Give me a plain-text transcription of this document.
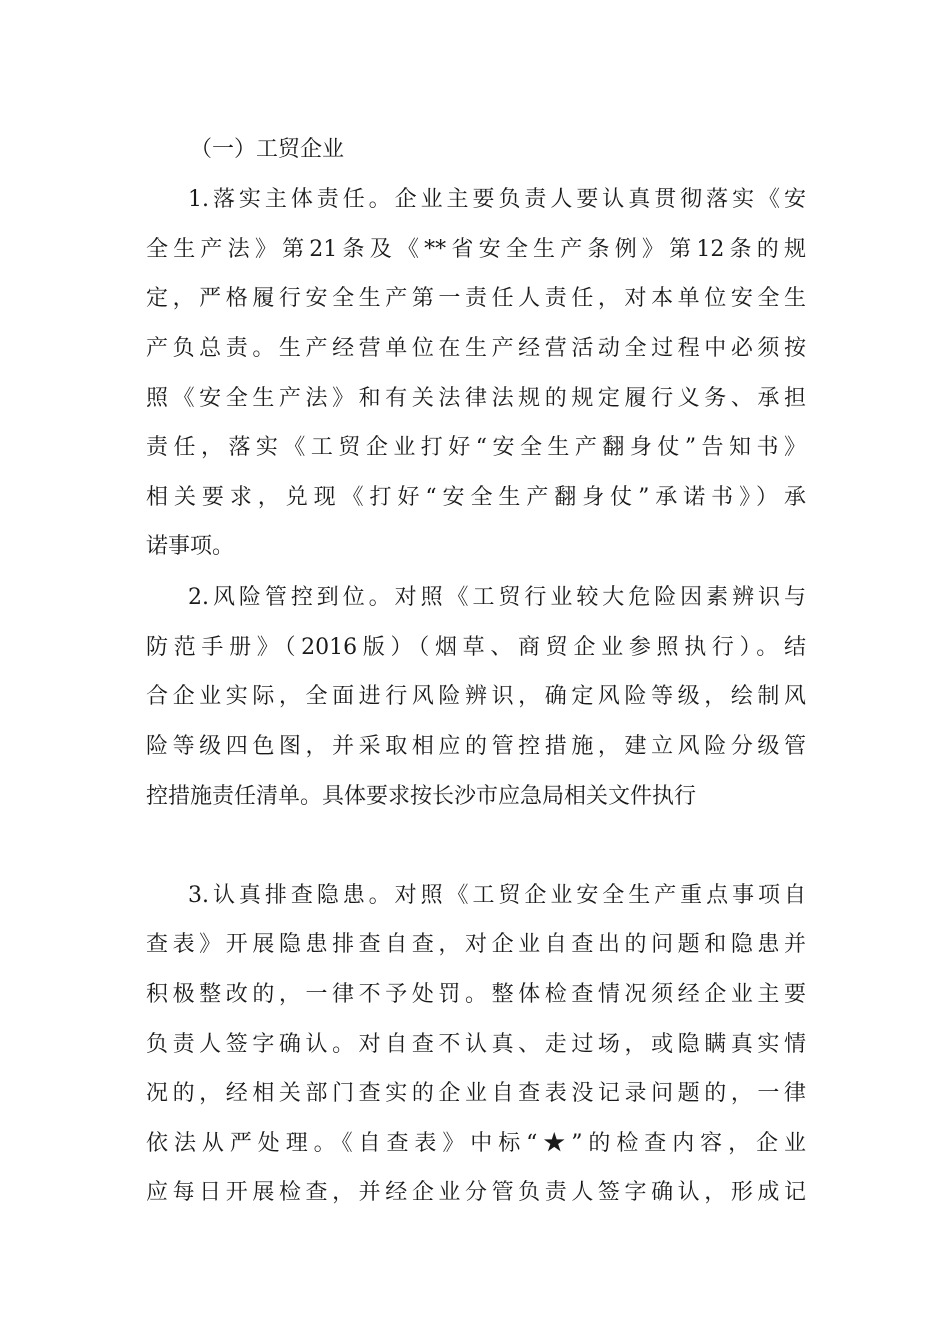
（一）工贸企业
1.落实主体责任。企业主要负责人要认真贯彻落实《安
全生产法》第21条及《**省安全生产条例》第12条的规
定，严格履行安全生产第一责任人责任，对本单位安全生
产负总责。生产经营单位在生产经营活动全过程中必须按
照《安全生产法》和有关法律法规的规定履行义务、承担
责任，落实《工贸企业打好“安全生产翻身仗”告知书》
相关要求，兑现《打好“安全生产翻身仗”承诺书》）承
诺事项。
2.风险管控到位。对照《工贸行业较大危险因素辨识与
防范手册》（2016版）（烟草、商贸企业参照执行）。结
合企业实际，全面进行风险辨识，确定风险等级，绘制风
险等级四色图，并采取相应的管控措施，建立风险分级管
控措施责任清单。具体要求按长沙市应急局相关文件执行
3.认真排查隐患。对照《工贸企业安全生产重点事项自
查表》开展隐患排查自查，对企业自查出的问题和隐患并
积极整改的，一律不予处罚。整体检查情况须经企业主要
负责人签字确认。对自查不认真、走过场，或隐瞒真实情
况的，经相关部门查实的企业自查表没记录问题的，一律
依法从严处理。《自查表》中标“★”的检查内容，企业
应每日开展检查，并经企业分管负责人签字确认，形成记
